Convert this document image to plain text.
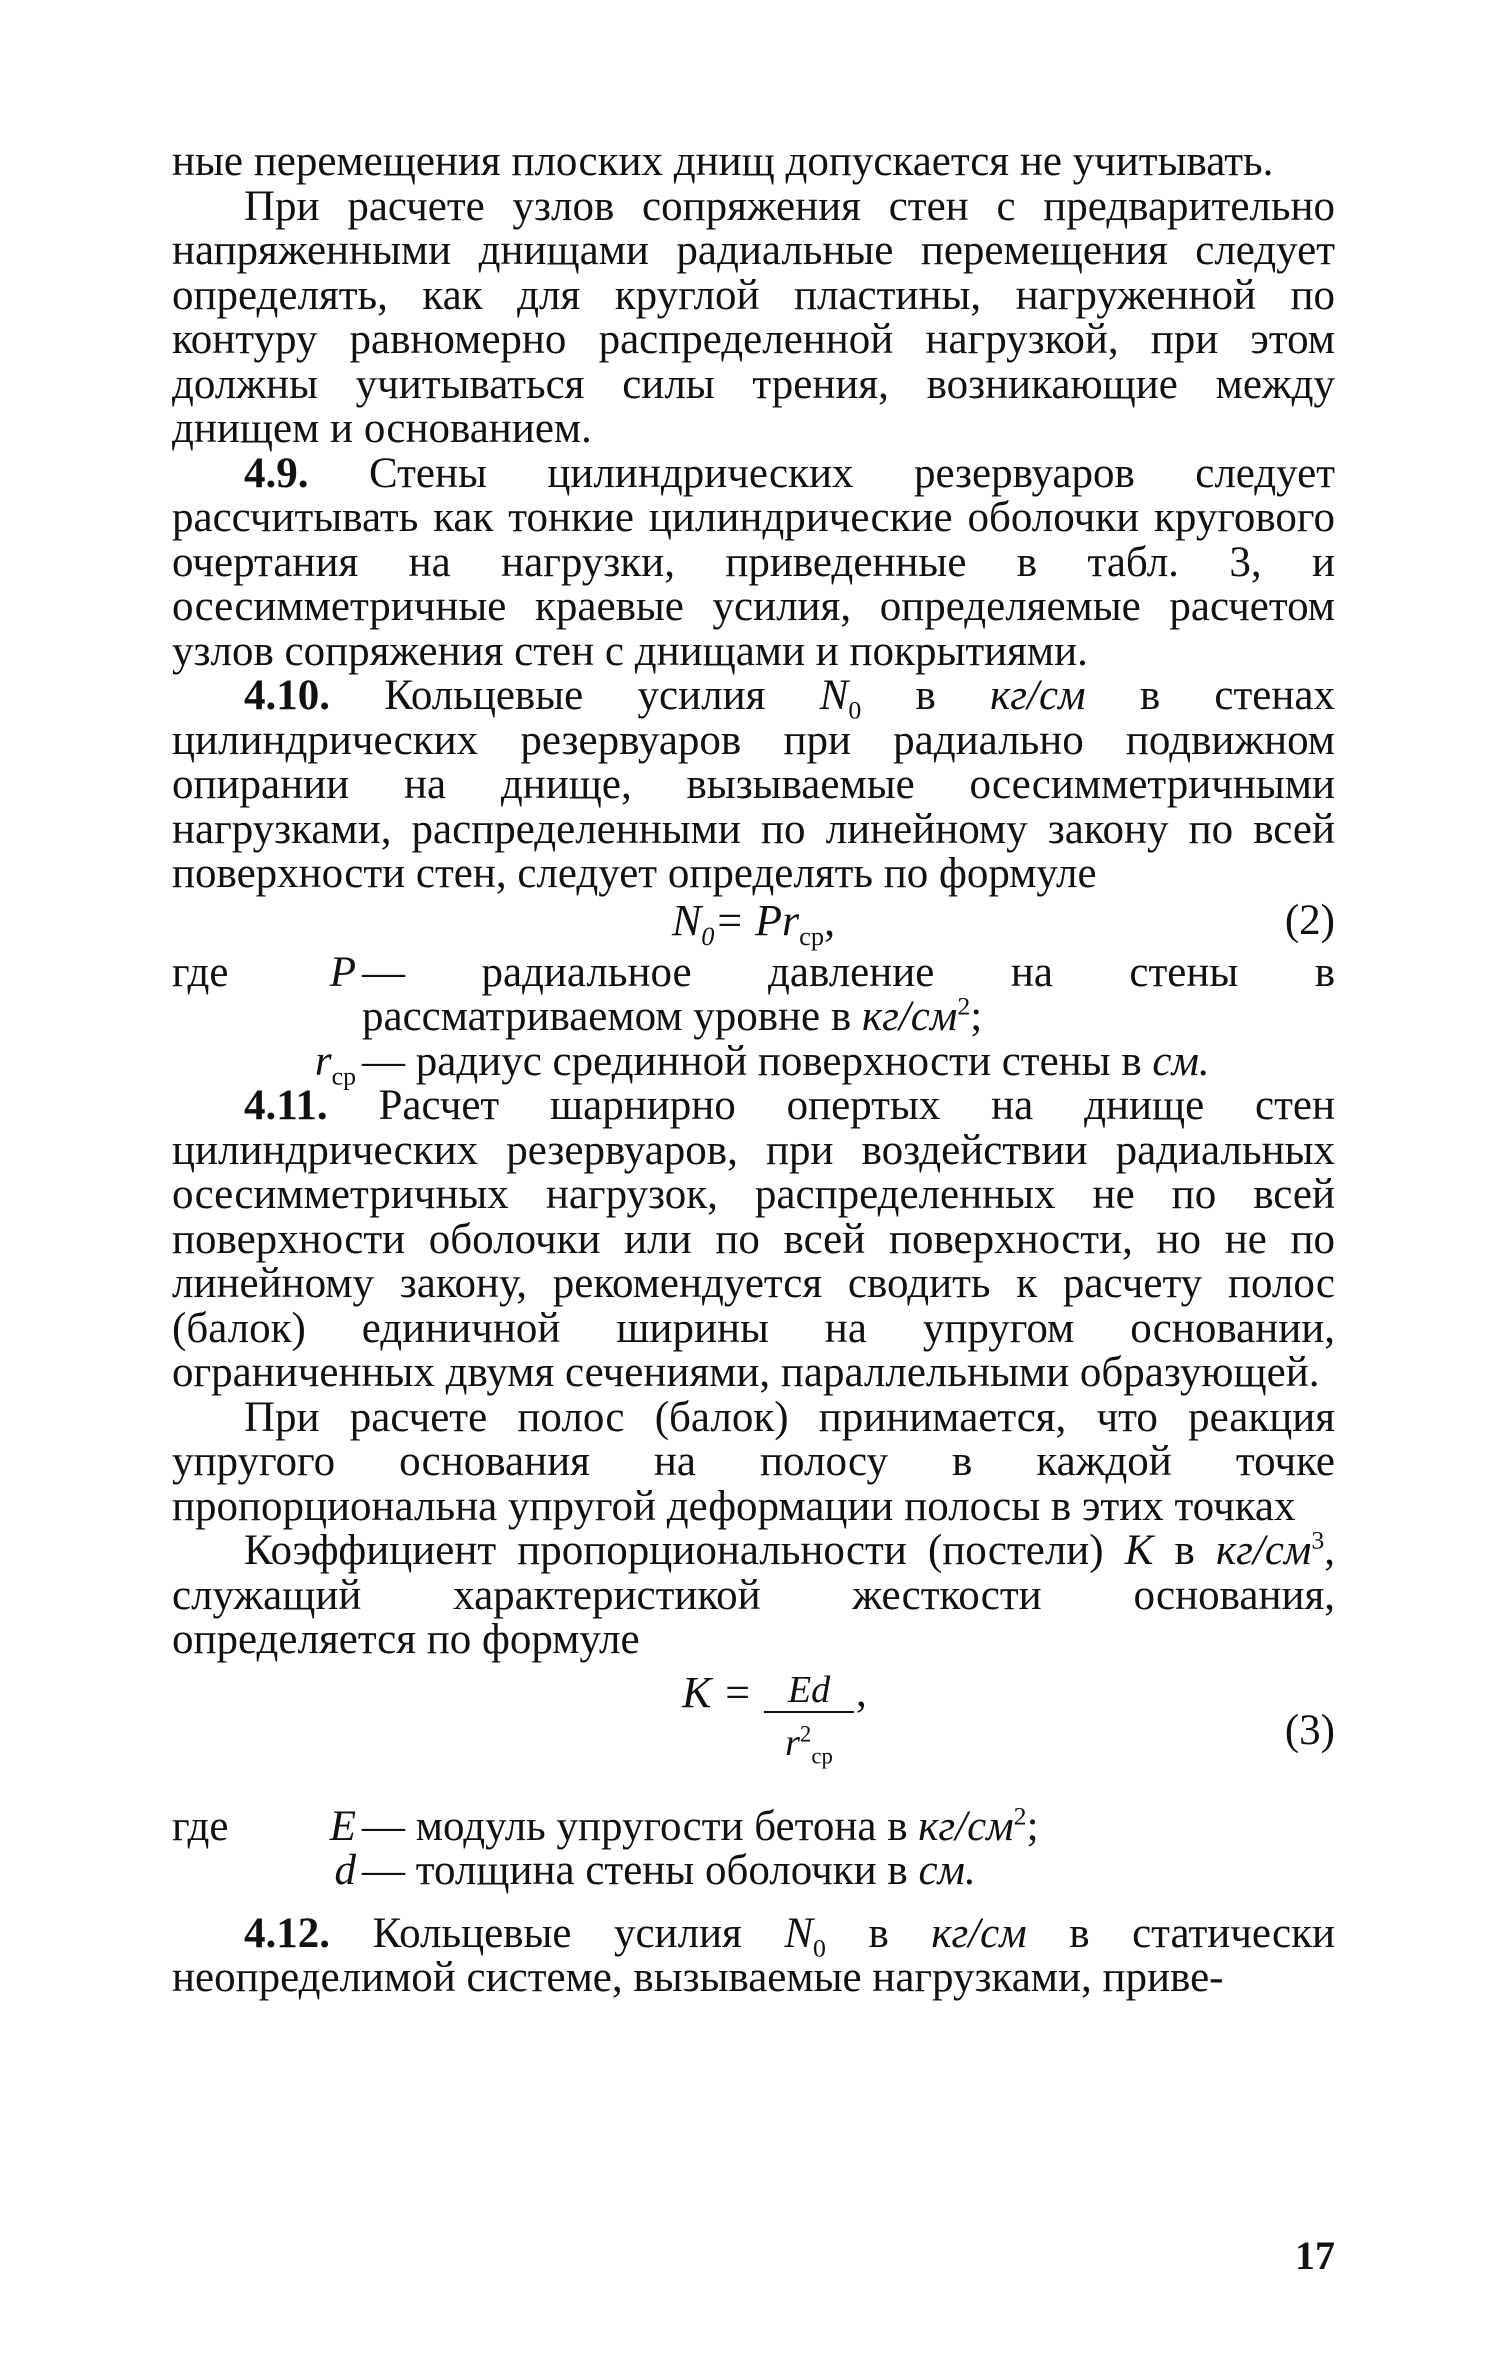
ные перемещения плоских днищ допускается не учитывать.

При расчете узлов сопряжения стен с предварительно напряженными днищами радиальные перемещения следует определять, как для круглой пластины, нагруженной по контуру равномерно распределенной нагрузкой, при этом должны учитываться силы трения, возникающие между днищем и основанием.

4.9. Стены цилиндрических резервуаров следует рассчитывать как тонкие цилиндрические оболочки кругового очертания на нагрузки, приведенные в табл. 3, и осесимметричные краевые усилия, определяемые расчетом узлов сопряжения стен с днищами и покрытиями.

4.10. Кольцевые усилия $N_0$ в кг/см в стенах цилиндрических резервуаров при радиально подвижном опирании на днище, вызываемые осесимметричными нагрузками, распределенными по линейному закону по всей поверхности стен, следует определять по формуле

$N_0= Pr_{ср}$,	(2)
где	P — радиальное давление на стены в рассматриваемом уровне в $кг/см^2$;
$r_{ср}$ — радиус срединной поверхности стены в см.

4.11. Расчет шарнирно опертых на днище стен цилиндрических резервуаров, при воздействии радиальных осесимметричных нагрузок, распределенных не по всей поверхности оболочки или по всей поверхности, но не по линейному закону, рекомендуется сводить к расчету полос (балок) единичной ширины на упругом основании, ограниченных двумя сечениями, параллельными образующей.

При расчете полос (балок) принимается, что реакция упругого основания на полосу в каждой точке пропорциональна упругой деформации полосы в этих точках

Коэффициент пропорциональности (постели) K в $кг/см^3$, служащий характеристикой жесткости основания, определяется по формуле

K = Ed
$r^2_{ср}$
,
(3)
где	E — модуль упругости бетона в $кг/см^2$;
d — толщина стены оболочки в см.

4.12. Кольцевые усилия $N_0$ в кг/см в статически неопределимой системе, вызываемые нагрузками, приве-

17
